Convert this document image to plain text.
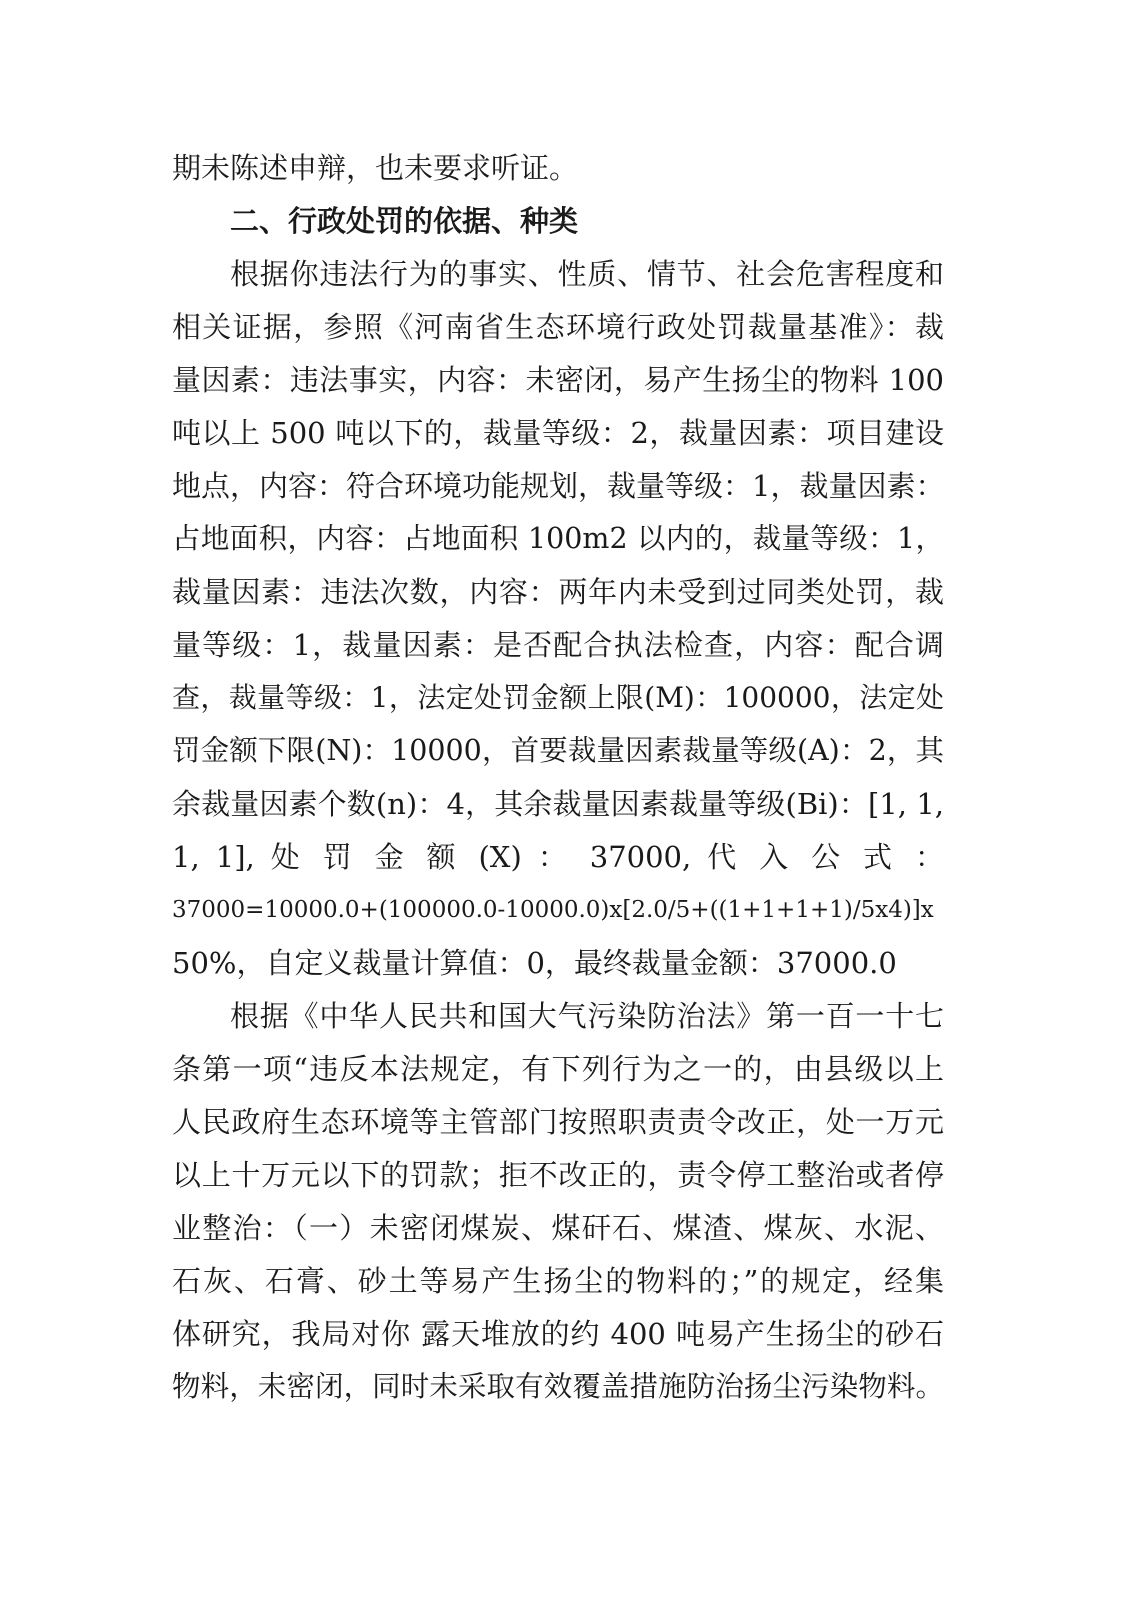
期未陈述申辩，也未要求听证。
二、行政处罚的依据、种类
根据你违法行为的事实、性质、情节、社会危害程度和
相关证据，参照《河南省生态环境行政处罚裁量基准》：裁
量因素：违法事实，内容：未密闭，易产生扬尘的物料 100
吨以上 500 吨以下的，裁量等级：2，裁量因素：项目建设
地点，内容：符合环境功能规划，裁量等级：1，裁量因素：
占地面积，内容：占地面积 100m2 以内的，裁量等级：1，
裁量因素：违法次数，内容：两年内未受到过同类处罚，裁
量等级：1，裁量因素：是否配合执法检查，内容：配合调
查，裁量等级：1，法定处罚金额上限(M)：100000，法定处
罚金额下限(N)：10000，首要裁量因素裁量等级(A)：2，其
余裁量因素个数(n)：4，其余裁量因素裁量等级(Bi)：[1, 1,
1, 1], 处 罚 金 额 (X) ： 37000, 代 入 公 式 ：
37000=10000.0+(100000.0-10000.0)x[2.0/5+((1+1+1+1)/5x4)]x
50%，自定义裁量计算值：0，最终裁量金额：37000.0
根据《中华人民共和国大气污染防治法》第一百一十七
条第一项“违反本法规定，有下列行为之一的，由县级以上
人民政府生态环境等主管部门按照职责责令改正，处一万元
以上十万元以下的罚款；拒不改正的，责令停工整治或者停
业整治：（一）未密闭煤炭、煤矸石、煤渣、煤灰、水泥、
石灰、石膏、砂土等易产生扬尘的物料的；”的规定，经集
体研究，我局对你 露天堆放的约 400 吨易产生扬尘的砂石
物料，未密闭，同时未采取有效覆盖措施防治扬尘污染物料。
